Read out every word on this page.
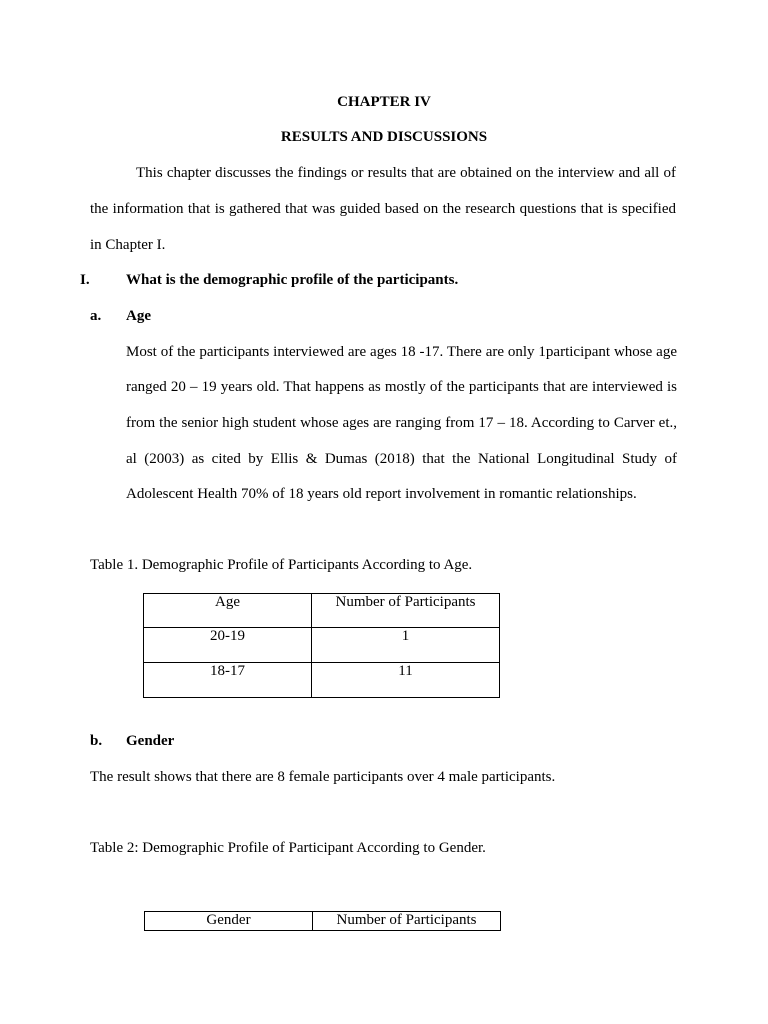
CHAPTER IV
RESULTS AND DISCUSSIONS
This chapter discusses the findings or results that are obtained on the interview and all of
the information that is gathered that was guided based on the research questions that is specified
in Chapter I.
I. What is the demographic profile of the participants.
a. Age
Most of the participants interviewed are ages 18 -17. There are only 1participant whose age
ranged 20 – 19 years old. That happens as mostly of the participants that are interviewed is
from the senior high student whose ages are ranging from 17 – 18. According to Carver et.,
al (2003) as cited by Ellis & Dumas (2018) that the National Longitudinal Study of
Adolescent Health 70% of 18 years old report involvement in romantic relationships.
Table 1. Demographic Profile of Participants According to Age.
Age	Number of Participants
20-19	1
18-17	11
b. Gender
The result shows that there are 8 female participants over 4 male participants.
Table 2: Demographic Profile of Participant According to Gender.
Gender	Number of Participants
